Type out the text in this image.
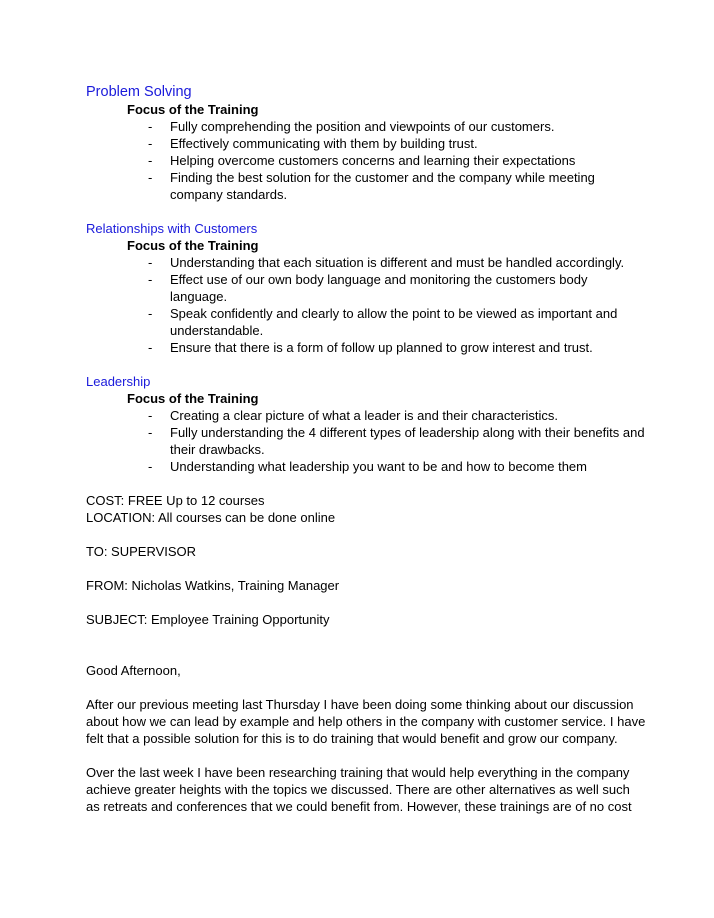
Problem Solving

Focus of the Training

- Fully comprehending the position and viewpoints of our customers.
- Effectively communicating with them by building trust.
- Helping overcome customers concerns and learning their expectations
- Finding the best solution for the customer and the company while meeting company standards.

Relationships with Customers

Focus of the Training

- Understanding that each situation is different and must be handled accordingly.
- Effect use of our own body language and monitoring the customers body language.
- Speak confidently and clearly to allow the point to be viewed as important and understandable.
- Ensure that there is a form of follow up planned to grow interest and trust.

Leadership

Focus of the Training

- Creating a clear picture of what a leader is and their characteristics.
- Fully understanding the 4 different types of leadership along with their benefits and their drawbacks.
- Understanding what leadership you want to be and how to become them

COST: FREE Up to 12 courses

LOCATION: All courses can be done online

TO: SUPERVISOR

FROM: Nicholas Watkins, Training Manager

SUBJECT: Employee Training Opportunity

Good Afternoon,

After our previous meeting last Thursday I have been doing some thinking about our discussion about how we can lead by example and help others in the company with customer service. I have felt that a possible solution for this is to do training that would benefit and grow our company.

Over the last week I have been researching training that would help everything in the company achieve greater heights with the topics we discussed. There are other alternatives as well such as retreats and conferences that we could benefit from. However, these trainings are of no cost
